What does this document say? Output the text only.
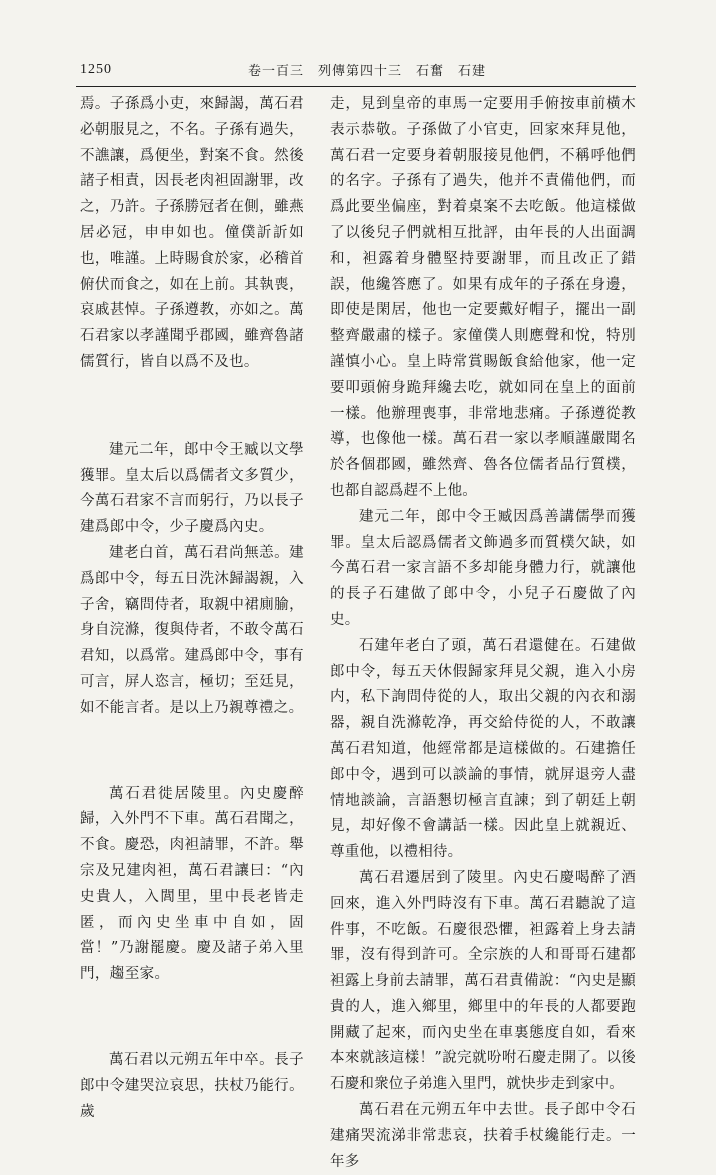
1250	卷一百三　列傳第四十三　石奮　石建

焉。子孫爲小吏，來歸謁，萬石君必朝服見之，不名。子孫有過失，不譙讓，爲便坐，對案不食。然後諸子相責，因長老肉袒固謝罪，改之，乃許。子孫勝冠者在側，雖燕居必冠，申申如也。僮僕訢訢如也，唯謹。上時賜食於家，必稽首俯伏而食之，如在上前。其執喪，哀戚甚悼。子孫遵教，亦如之。萬石君家以孝謹聞乎郡國，雖齊魯諸儒質行，皆自以爲不及也。

建元二年，郎中令王臧以文學獲罪。皇太后以爲儒者文多質少，今萬石君家不言而躬行，乃以長子建爲郎中令，少子慶爲內史。

建老白首，萬石君尚無恙。建爲郎中令，每五日洗沐歸謁親，入子舍，竊問侍者，取親中裙廁腧，身自浣滌，復與侍者，不敢令萬石君知，以爲常。建爲郎中令，事有可言，屏人恣言，極切；至廷見，如不能言者。是以上乃親尊禮之。

萬石君徙居陵里。內史慶醉歸，入外門不下車。萬石君聞之，不食。慶恐，肉袒請罪，不許。舉宗及兄建肉袒，萬石君讓曰：“內史貴人，入閭里，里中長老皆走匿，而內史坐車中自如，固當！”乃謝罷慶。慶及諸子弟入里門，趨至家。

萬石君以元朔五年中卒。長子郎中令建哭泣哀思，扶杖乃能行。歲

走，見到皇帝的車馬一定要用手俯按車前橫木表示恭敬。子孫做了小官吏，回家來拜見他，萬石君一定要身着朝服接見他們，不稱呼他們的名字。子孫有了過失，他并不責備他們，而爲此要坐偏座，對着桌案不去吃飯。他這樣做了以後兒子們就相互批評，由年長的人出面調和，袒露着身體堅持要謝罪，而且改正了錯誤，他纔答應了。如果有成年的子孫在身邊，即使是閑居，他也一定要戴好帽子，擺出一副整齊嚴肅的樣子。家僮僕人則應聲和悅，特別謹慎小心。皇上時常賞賜飯食給他家，他一定要叩頭俯身跪拜纔去吃，就如同在皇上的面前一樣。他辦理喪事，非常地悲痛。子孫遵從教導，也像他一樣。萬石君一家以孝順謹嚴聞名於各個郡國，雖然齊、魯各位儒者品行質樸，也都自認爲趕不上他。

建元二年，郎中令王臧因爲善講儒學而獲罪。皇太后認爲儒者文飾過多而質樸欠缺，如今萬石君一家言語不多却能身體力行，就讓他的長子石建做了郎中令，小兒子石慶做了內史。

石建年老白了頭，萬石君還健在。石建做郎中令，每五天休假歸家拜見父親，進入小房内，私下詢問侍從的人，取出父親的內衣和溺器，親自洗滌乾净，再交給侍從的人，不敢讓萬石君知道，他經常都是這樣做的。石建擔任郎中令，遇到可以談論的事情，就屏退旁人盡情地談論，言語懇切極言直諫；到了朝廷上朝見，却好像不會講話一樣。因此皇上就親近、尊重他，以禮相待。

萬石君遷居到了陵里。內史石慶喝醉了酒回來，進入外門時沒有下車。萬石君聽說了這件事，不吃飯。石慶很恐懼，袒露着上身去請罪，沒有得到許可。全宗族的人和哥哥石建都袒露上身前去請罪，萬石君責備說：“內史是顯貴的人，進入鄉里，鄉里中的年長的人都要跑開藏了起來，而內史坐在車裏態度自如，看來本來就該這樣！”說完就吩咐石慶走開了。以後石慶和衆位子弟進入里門，就快步走到家中。

萬石君在元朔五年中去世。長子郎中令石建痛哭流涕非常悲哀，扶着手杖纔能行走。一年多
